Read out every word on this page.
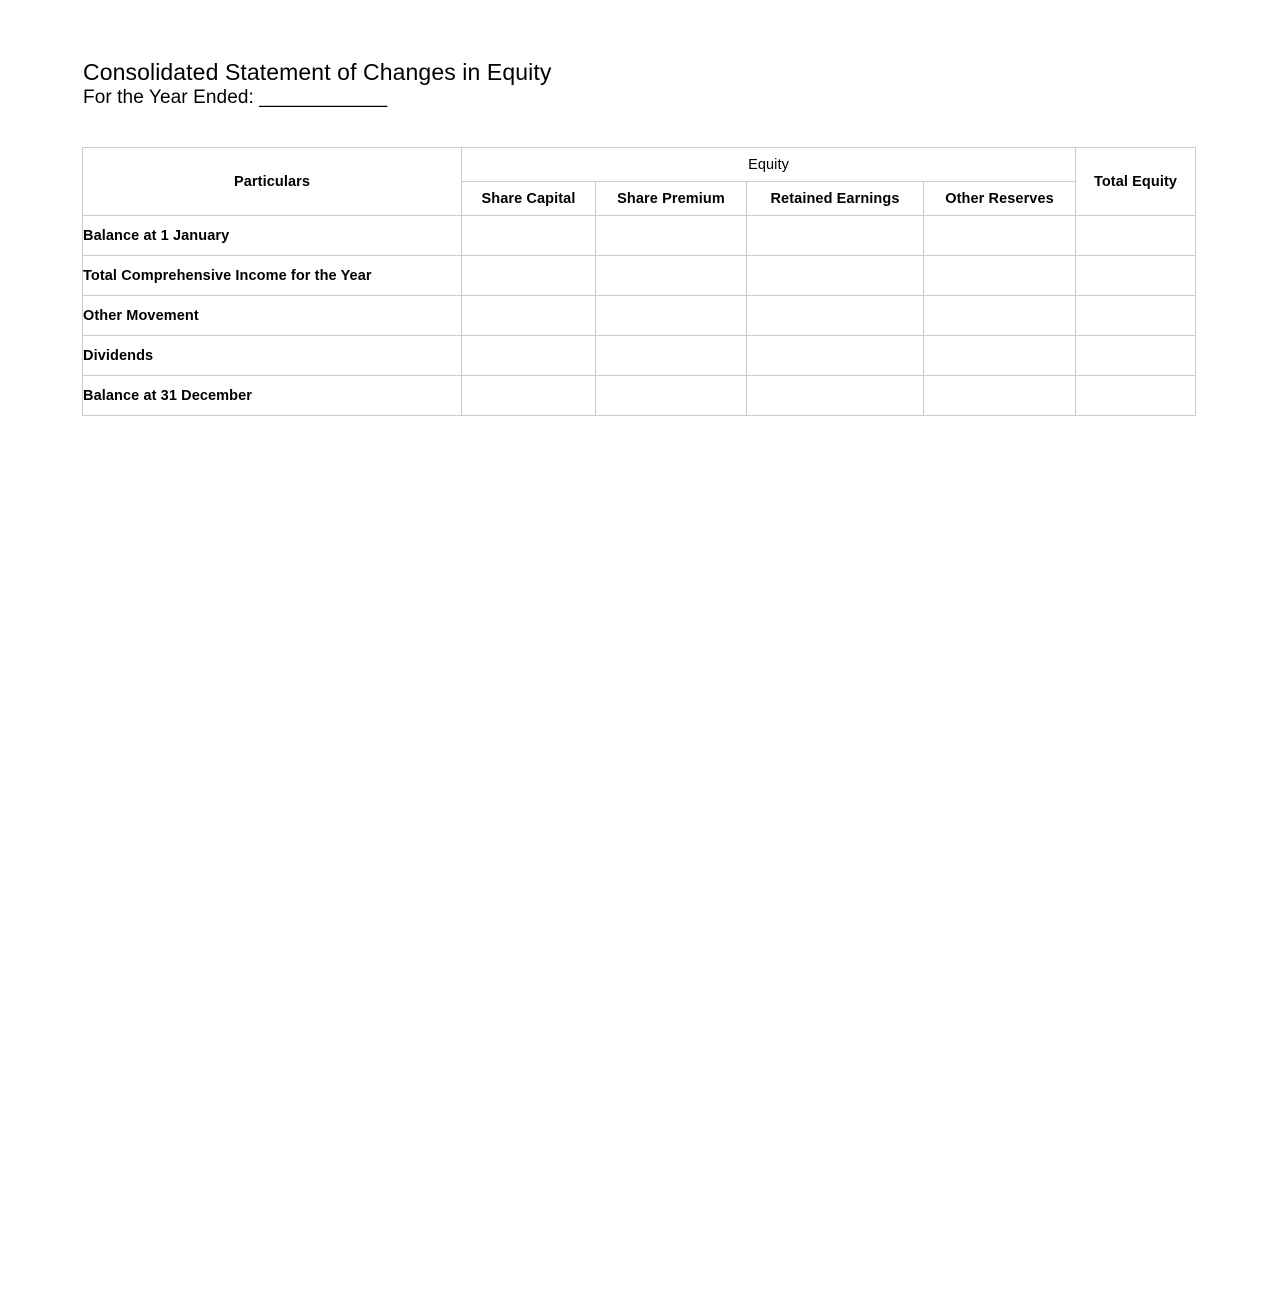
Consolidated Statement of Changes in Equity
For the Year Ended: ____________
Particulars	Equity				Total Equity
	Share Capital	Share Premium	Retained Earnings	Other Reserves	
Balance at 1 January					
Total Comprehensive Income for the Year					
Other Movement					
Dividends					
Balance at 31 December					
